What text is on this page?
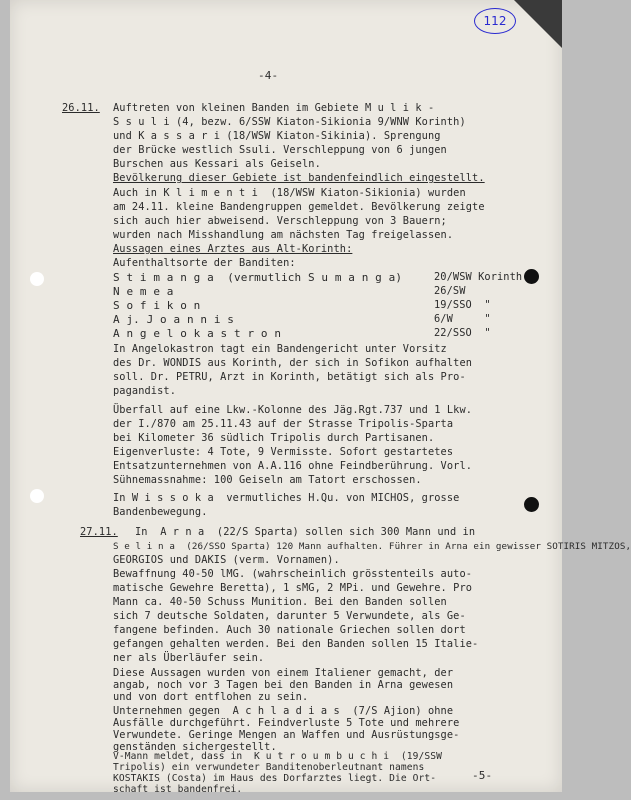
112
-4-
26.11. Auftreten von kleinen Banden im Gebiete M u l i k -
S s u l i (4, bezw. 6/SSW Kiaton-Sikionia 9/WNW Korinth)
und K a s s a r i (18/WSW Kiaton-Sikinia). Sprengung
der Brücke westlich Ssuli. Verschleppung von 6 jungen
Burschen aus Kessari als Geiseln.
Bevölkerung dieser Gebiete ist bandenfeindlich eingestellt.
Auch in K l i m e n t i  (18/WSW Kiaton-Sikionia) wurden
am 24.11. kleine Bandengruppen gemeldet. Bevölkerung zeigte
sich auch hier abweisend. Verschleppung von 3 Bauern;
wurden nach Misshandlung am nächsten Tag freigelassen.
Aussagen eines Arztes aus Alt-Korinth:
Aufenthaltsorte der Banditen:
S t i m a n g a  (vermutlich S u m a n g a)	20/WSW Korinth
N e m e a	26/SW
S o f i k o n	19/SSO  "
A j. J o a n n i s	6/W     "
A n g e l o k a s t r o n	22/SSO  "
In Angelokastron tagt ein Bandengericht unter Vorsitz
des Dr. WONDIS aus Korinth, der sich in Sofikon aufhalten
soll. Dr. PETRU, Arzt in Korinth, betätigt sich als Pro-
pagandist.
Überfall auf eine Lkw.-Kolonne des Jäg.Rgt.737 und 1 Lkw.
der I./870 am 25.11.43 auf der Strasse Tripolis-Sparta
bei Kilometer 36 südlich Tripolis durch Partisanen.
Eigenverluste: 4 Tote, 9 Vermisste. Sofort gestartetes
Entsatzunternehmen von A.A.116 ohne Feindberührung. Vorl.
Sühnemassnahme: 100 Geiseln am Tatort erschossen.
In W i s s o k a  vermutliches H.Qu. von MICHOS, grosse
Bandenbewegung.
27.11. In  A r n a  (22/S Sparta) sollen sich 300 Mann und in
S e l i n a  (26/SSO Sparta) 120 Mann aufhalten. Führer in Arna ein gewisser SOTIRIS MITZOS,
GEORGIOS und DAKIS (verm. Vornamen).
Bewaffnung 40-50 lMG. (wahrscheinlich grösstenteils auto-
matische Gewehre Beretta), 1 sMG, 2 MPi. und Gewehre. Pro
Mann ca. 40-50 Schuss Munition. Bei den Banden sollen
sich 7 deutsche Soldaten, darunter 5 Verwundete, als Ge-
fangene befinden. Auch 30 nationale Griechen sollen dort
gefangen gehalten werden. Bei den Banden sollen 15 Italie-
ner als Überläufer sein.
Diese Aussagen wurden von einem Italiener gemacht, der
angab, noch vor 3 Tagen bei den Banden in Arna gewesen
und von dort entflohen zu sein.
Unternehmen gegen  A c h l a d i a s  (7/S Ajion) ohne
Ausfälle durchgeführt. Feindverluste 5 Tote und mehrere
Verwundete. Geringe Mengen an Waffen und Ausrüstungsge-
genständen sichergestellt.
-5-
V-Mann meldet, dass in  K u t r o u m b u c h i  (19/SSW
Tripolis) ein verwundeter Banditenoberleutnant namens
KOSTAKIS (Costa) im Haus des Dorfarztes liegt. Die Ort-
schaft ist bandenfrei.
